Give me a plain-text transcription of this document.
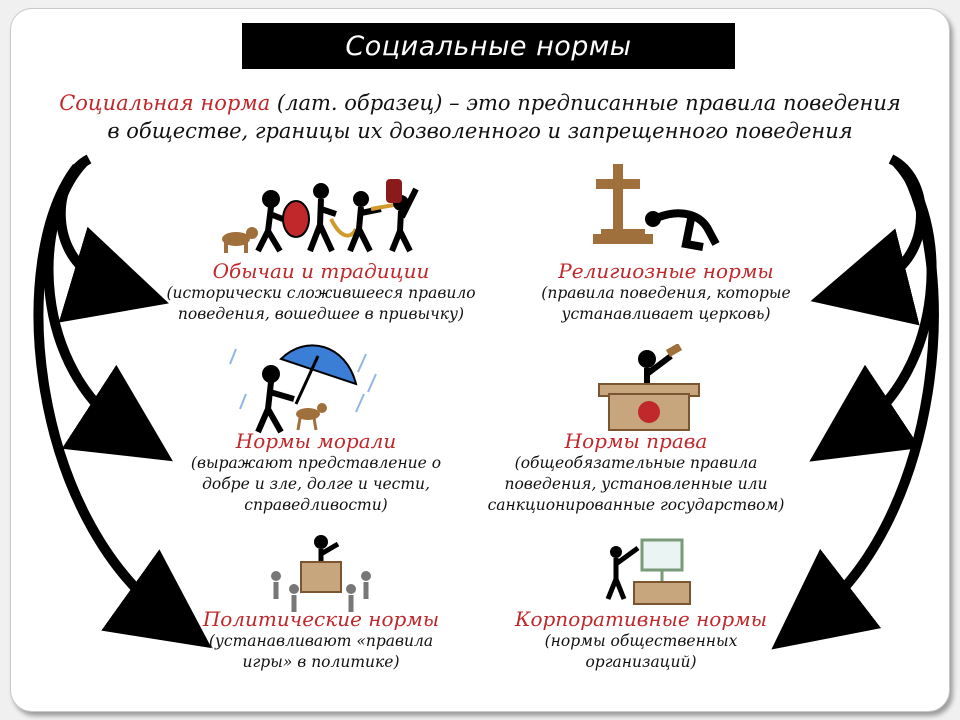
Социальные нормы
Социальная норма (лат. образец) – это предписанные правила поведения
в обществе, границы их дозволенного и запрещенного поведения
Обычаи и традиции
(исторически сложившееся правило
поведения, вошедшее в привычку)
Религиозные нормы
(правила поведения, которые
устанавливает церковь)
Нормы морали
(выражают представление о
добре и зле, долге и чести,
справедливости)
Нормы права
(общеобязательные правила
поведения, установленные или
санкционированные государством)
Политические нормы
(устанавливают «правила
игры» в политике)
Корпоративные нормы
(нормы общественных
организаций)
